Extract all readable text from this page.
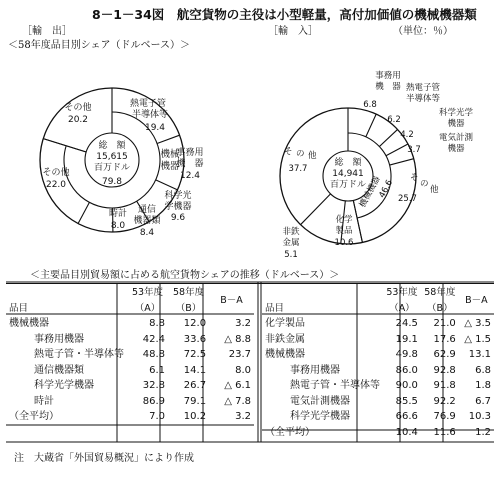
8－1－34図　航空貨物の主役は小型軽量，高付加価値の機械機器類
［輸　出］	［輸　入］	（単位：％）
＜58年度品目別シェア（ドルベース）＞
熱電子管
半導体等
19.4
事務用
機　器
12.4
科学光
学機器
9.6
通信
機器類
8.4
時計
8.0
その他
22.0
その他
20.2
機械
機器
79.8
総　額
15,615
百万ドル
事務用
機　器
6.8
熱電子管
半導体等
6.2
科学光学
機器
4.2	電気計測
機器
3.7
そ
の
他
25.7
非鉄
金属
5.1
化学
製品
10.6
そ の 他
37.7
機械機器
46.6
総　額
14,941
百万ドル
＜主要品目別貿易額に占める航空貨物シェアの推移（ドルベース）＞
	53年度	58年度	B－A
品目	（A）	（B）	
機械機器	8.8	12.0	3.2
事務用機器	42.4	33.6	△ 8.8
熱電子管・半導体等	48.8	72.5	23.7
通信機器類	6.1	14.1	8.0
科学光学機器	32.8	26.7	△ 6.1
時計	86.9	79.1	△ 7.8
（全平均）	7.0	10.2	3.2
	53年度	58年度	B－A
品目	（A）	（B）	
化学製品	24.5	21.0	△ 3.5
非鉄金属	19.1	17.6	△ 1.5
機械機器	49.8	62.9	13.1
事務用機器	86.0	92.8	6.8
熱電子管・半導体等	90.0	91.8	1.8
電気計測機器	85.5	92.2	6.7
科学光学機器	66.6	76.9	10.3
（全平均）	10.4	11.6	1.2
注　大蔵省「外国貿易概況」により作成
